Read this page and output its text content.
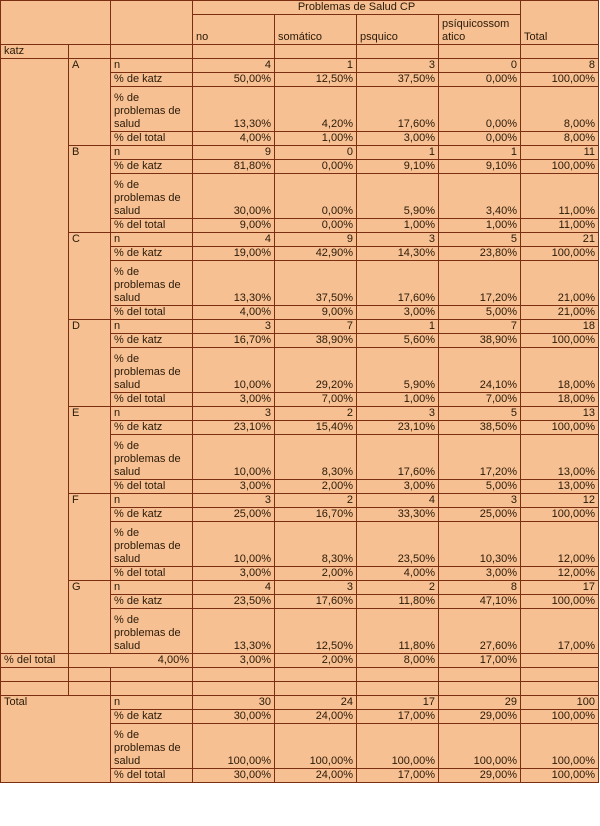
			Problemas de Salud CP				Total
			no	somático	psquico	psíquicossom
atico	
katz							
	A	n	4	1	3	0	8
		% de katz	50,00%	12,50%	37,50%	0,00%	100,00%
		% de
problemas de
salud	13,30%	4,20%	17,60%	0,00%	8,00%
		% del total	4,00%	1,00%	3,00%	0,00%	8,00%
	B	n	9	0	1	1	11
		% de katz	81,80%	0,00%	9,10%	9,10%	100,00%
		% de
problemas de
salud	30,00%	0,00%	5,90%	3,40%	11,00%
		% del total	9,00%	0,00%	1,00%	1,00%	11,00%
	C	n	4	9	3	5	21
		% de katz	19,00%	42,90%	14,30%	23,80%	100,00%
		% de
problemas de
salud	13,30%	37,50%	17,60%	17,20%	21,00%
		% del total	4,00%	9,00%	3,00%	5,00%	21,00%
	D	n	3	7	1	7	18
		% de katz	16,70%	38,90%	5,60%	38,90%	100,00%
		% de
problemas de
salud	10,00%	29,20%	5,90%	24,10%	18,00%
		% del total	3,00%	7,00%	1,00%	7,00%	18,00%
	E	n	3	2	3	5	13
		% de katz	23,10%	15,40%	23,10%	38,50%	100,00%
		% de
problemas de
salud	10,00%	8,30%	17,60%	17,20%	13,00%
		% del total	3,00%	2,00%	3,00%	5,00%	13,00%
	F	n	3	2	4	3	12
		% de katz	25,00%	16,70%	33,30%	25,00%	100,00%
		% de
problemas de
salud	10,00%	8,30%	23,50%	10,30%	12,00%
		% del total	3,00%	2,00%	4,00%	3,00%	12,00%
	G	n	4	3	2	8	17
		% de katz	23,50%	17,60%	11,80%	47,10%	100,00%
		% de
problemas de
salud	13,30%	12,50%	11,80%	27,60%	17,00%
% del total	4,00%		3,00%	2,00%	8,00%	17,00%	

Total		n	30	24	17	29	100
		% de katz	30,00%	24,00%	17,00%	29,00%	100,00%
		% de
problemas de
salud	100,00%	100,00%	100,00%	100,00%	100,00%
		% del total	30,00%	24,00%	17,00%	29,00%	100,00%
